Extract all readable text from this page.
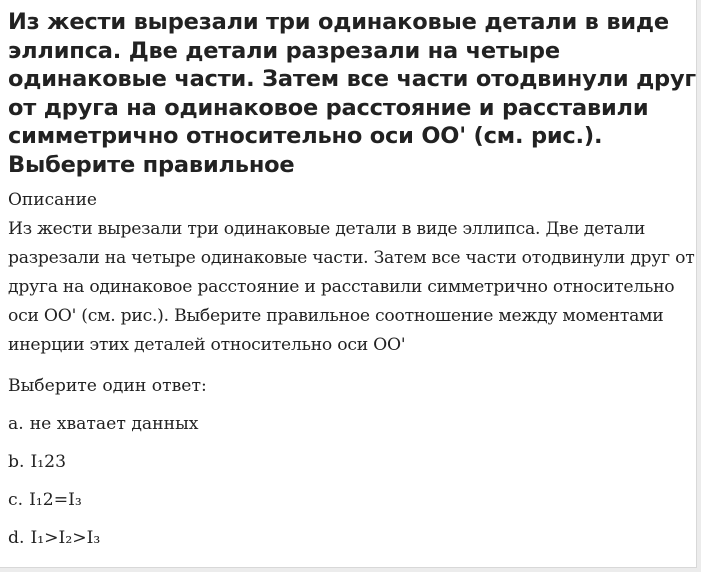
Из жести вырезали три одинаковые детали в виде эллипса. Две детали разрезали на четыре одинаковые части. Затем все части отодвинули друг от друга на одинаковое расстояние и расставили симметрично относительно оси ОО' (см. рис.). Выберите правильное
Описание
Из жести вырезали три одинаковые детали в виде эллипса. Две детали разрезали на четыре одинаковые части. Затем все части отодвинули друг от друга на одинаковое расстояние и расставили симметрично относительно оси ОО' (см. рис.). Выберите правильное соотношение между моментами инерции этих деталей относительно оси ОО'
Выберите один ответ:
a. не хватает данных
b. I₁23
c. I₁2=I₃
d. I₁>I₂>I₃
